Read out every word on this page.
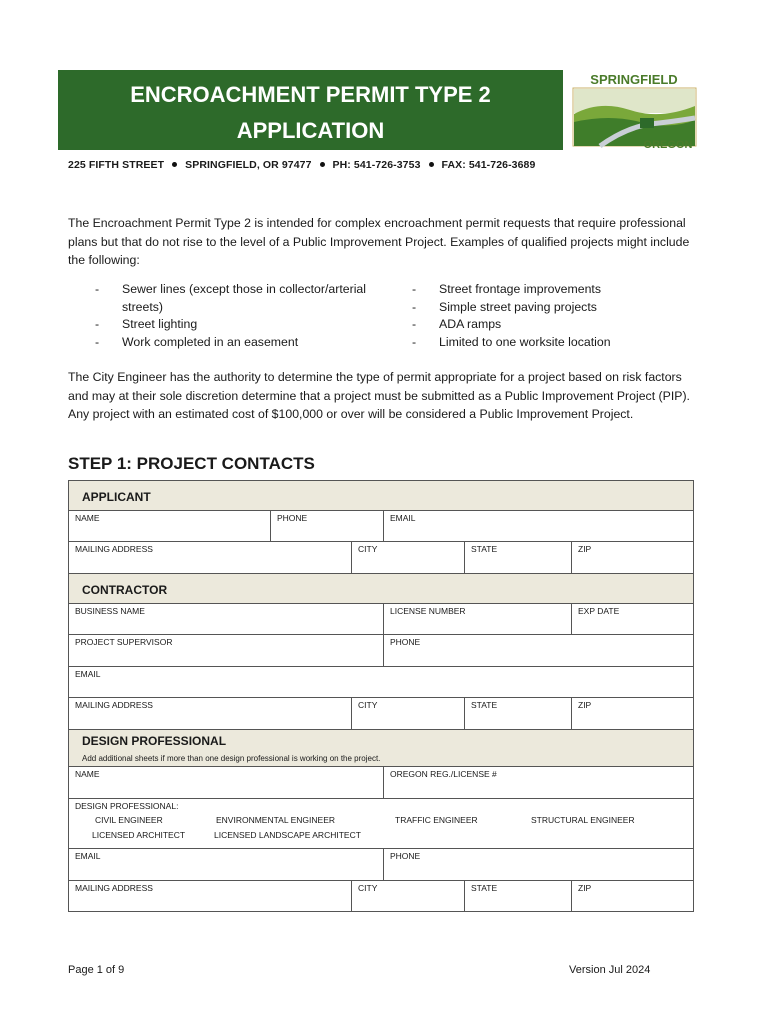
ENCROACHMENT PERMIT TYPE 2
APPLICATION
SPRINGFIELD
OREGON
225 FIFTH STREET SPRINGFIELD, OR 97477 PH: 541-726-3753 FAX: 541-726-3689
The Encroachment Permit Type 2 is intended for complex encroachment permit requests that require professional plans but that do not rise to the level of a Public Improvement Project. Examples of qualified projects might include the following:
- Sewer lines (except those in collector/arterial streets)
- Street lighting
- Work completed in an easement
- Street frontage improvements
- Simple street paving projects
- ADA ramps
- Limited to one worksite location
The City Engineer has the authority to determine the type of permit appropriate for a project based on risk factors and may at their sole discretion determine that a project must be submitted as a Public Improvement Project (PIP). Any project with an estimated cost of $100,000 or over will be considered a Public Improvement Project.
STEP 1: PROJECT CONTACTS
APPLICANT
NAME	PHONE	EMAIL
MAILING ADDRESS	CITY	STATE	ZIP
CONTRACTOR
BUSINESS NAME	LICENSE NUMBER	EXP DATE
PROJECT SUPERVISOR	PHONE
EMAIL
MAILING ADDRESS	CITY	STATE	ZIP
DESIGN PROFESSIONAL
Add additional sheets if more than one design professional is working on the project.
NAME	OREGON REG./LICENSE #
DESIGN PROFESSIONAL:
CIVIL ENGINEER	ENVIRONMENTAL ENGINEER	TRAFFIC ENGINEER	STRUCTURAL ENGINEER
LICENSED ARCHITECT	LICENSED LANDSCAPE ARCHITECT
EMAIL	PHONE
MAILING ADDRESS	CITY	STATE	ZIP
Page 1 of 9	Version Jul 2024
